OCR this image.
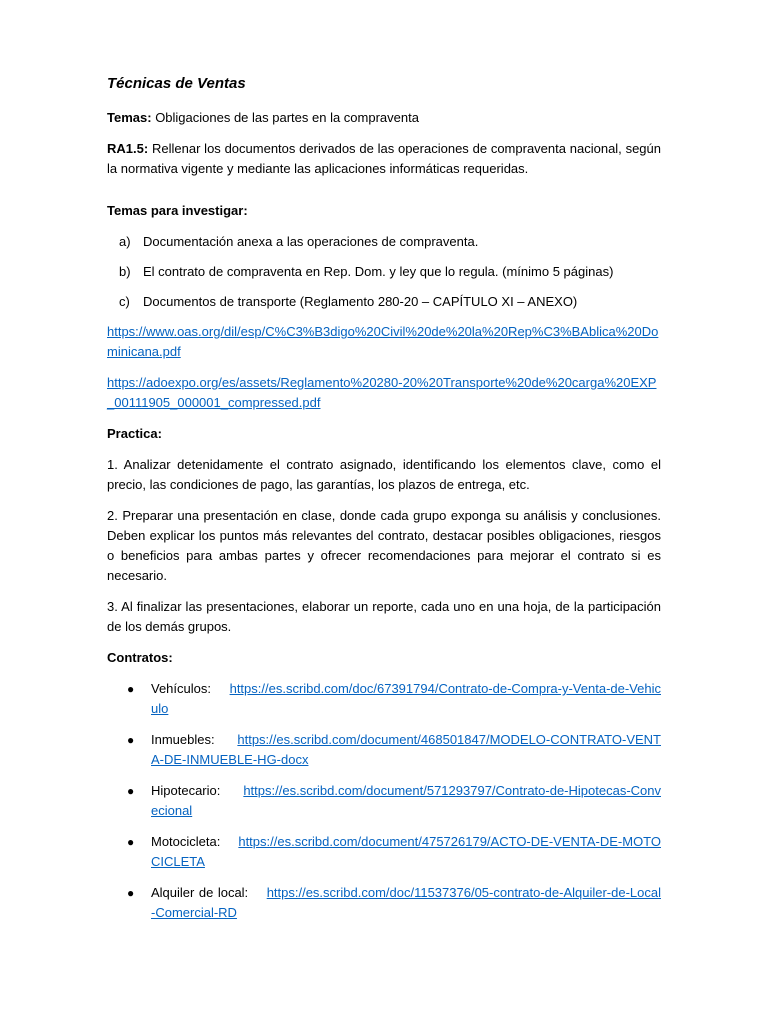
Técnicas de Ventas

Temas: Obligaciones de las partes en la compraventa

RA1.5: Rellenar los documentos derivados de las operaciones de compraventa nacional, según la normativa vigente y mediante las aplicaciones informáticas requeridas.

Temas para investigar:

a) Documentación anexa a las operaciones de compraventa.
b) El contrato de compraventa en Rep. Dom. y ley que lo regula. (mínimo 5 páginas)
c)	Documentos de transporte (Reglamento 280-20 – CAPÍTULO XI – ANEXO)

https://www.oas.org/dil/esp/C%C3%B3digo%20Civil%20de%20la%20Rep%C3%BAblica%20Dominicana.pdf

https://adoexpo.org/es/assets/Reglamento%20280-20%20Transporte%20de%20carga%20EXP_00111905_000001_compressed.pdf

Practica:

1. Analizar detenidamente el contrato asignado, identificando los elementos clave, como el precio, las condiciones de pago, las garantías, los plazos de entrega, etc.

2. Preparar una presentación en clase, donde cada grupo exponga su análisis y conclusiones. Deben explicar los puntos más relevantes del contrato, destacar posibles obligaciones, riesgos o beneficios para ambas partes y ofrecer recomendaciones para mejorar el contrato si es necesario.

3. Al finalizar las presentaciones, elaborar un reporte, cada uno en una hoja, de la participación de los demás grupos.

Contratos:

●	Vehículos: https://es.scribd.com/doc/67391794/Contrato-de-Compra-y-Venta-de-Vehiculo
●	Inmuebles: https://es.scribd.com/document/468501847/MODELO-CONTRATO-VENTA-DE-INMUEBLE-HG-docx
●	Hipotecario: https://es.scribd.com/document/571293797/Contrato-de-Hipotecas-Convecional
●	Motocicleta: https://es.scribd.com/document/475726179/ACTO-DE-VENTA-DE-MOTOCICLETA
●	Alquiler de local: https://es.scribd.com/doc/11537376/05-contrato-de-Alquiler-de-Local-Comercial-RD
